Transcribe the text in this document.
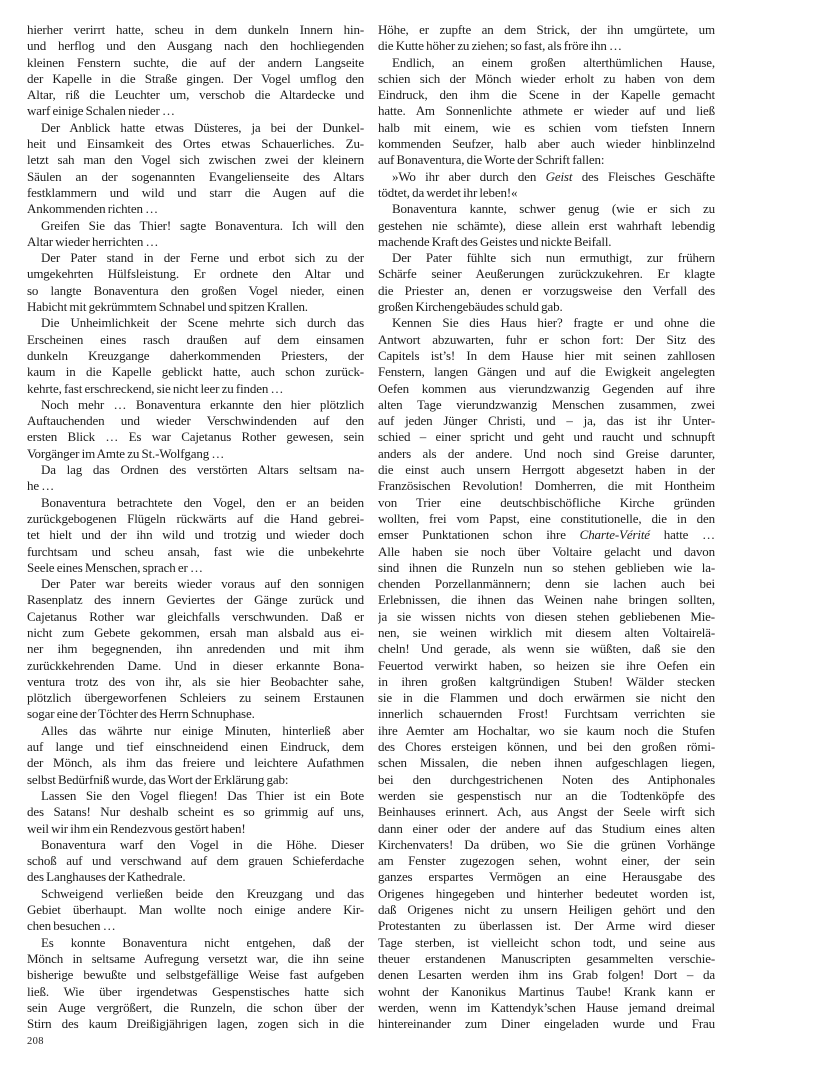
hierher verirrt hatte, scheu in dem dunkeln Innern hin-
und herflog und den Ausgang nach den hochliegenden
kleinen Fenstern suchte, die auf der andern Langseite
der Kapelle in die Straße gingen. Der Vogel umflog den
Altar, riß die Leuchter um, verschob die Altardecke und
warf einige Schalen nieder …
Der Anblick hatte etwas Düsteres, ja bei der Dunkel-
heit und Einsamkeit des Ortes etwas Schauerliches. Zu-
letzt sah man den Vogel sich zwischen zwei der kleinern
Säulen an der sogenannten Evangelienseite des Altars
festklammern und wild und starr die Augen auf die
Ankommenden richten …
Greifen Sie das Thier! sagte Bonaventura. Ich will den
Altar wieder herrichten …
Der Pater stand in der Ferne und erbot sich zu der
umgekehrten Hülfsleistung. Er ordnete den Altar und
so langte Bonaventura den großen Vogel nieder, einen
Habicht mit gekrümmtem Schnabel und spitzen Krallen.
Die Unheimlichkeit der Scene mehrte sich durch das
Erscheinen eines rasch draußen auf dem einsamen
dunkeln Kreuzgange daherkommenden Priesters, der
kaum in die Kapelle geblickt hatte, auch schon zurück-
kehrte, fast erschreckend, sie nicht leer zu finden …
Noch mehr … Bonaventura erkannte den hier plötzlich
Auftauchenden und wieder Verschwindenden auf den
ersten Blick … Es war Cajetanus Rother gewesen, sein
Vorgänger im Amte zu St.-Wolfgang …
Da lag das Ordnen des verstörten Altars seltsam na-
he …
Bonaventura betrachtete den Vogel, den er an beiden
zurückgebogenen Flügeln rückwärts auf die Hand gebrei-
tet hielt und der ihn wild und trotzig und wieder doch
furchtsam und scheu ansah, fast wie die unbekehrte
Seele eines Menschen, sprach er …
Der Pater war bereits wieder voraus auf den sonnigen
Rasenplatz des innern Geviertes der Gänge zurück und
Cajetanus Rother war gleichfalls verschwunden. Daß er
nicht zum Gebete gekommen, ersah man alsbald aus ei-
ner ihm begegnenden, ihn anredenden und mit ihm
zurückkehrenden Dame. Und in dieser erkannte Bona-
ventura trotz des von ihr, als sie hier Beobachter sahe,
plötzlich übergeworfenen Schleiers zu seinem Erstaunen
sogar eine der Töchter des Herrn Schnuphase.
Alles das währte nur einige Minuten, hinterließ aber
auf lange und tief einschneidend einen Eindruck, dem
der Mönch, als ihm das freiere und leichtere Aufathmen
selbst Bedürfniß wurde, das Wort der Erklärung gab:
Lassen Sie den Vogel fliegen! Das Thier ist ein Bote
des Satans! Nur deshalb scheint es so grimmig auf uns,
weil wir ihm ein Rendezvous gestört haben!
Bonaventura warf den Vogel in die Höhe. Dieser
schoß auf und verschwand auf dem grauen Schieferdache
des Langhauses der Kathedrale.
Schweigend verließen beide den Kreuzgang und das
Gebiet überhaupt. Man wollte noch einige andere Kir-
chen besuchen …
Es konnte Bonaventura nicht entgehen, daß der
Mönch in seltsame Aufregung versetzt war, die ihn seine
bisherige bewußte und selbstgefällige Weise fast aufgeben
ließ. Wie über irgendetwas Gespenstisches hatte sich
sein Auge vergrößert, die Runzeln, die schon über der
Stirn des kaum Dreißigjährigen lagen, zogen sich in die
Höhe, er zupfte an dem Strick, der ihn umgürtete, um
die Kutte höher zu ziehen; so fast, als fröre ihn …
Endlich, an einem großen alterthümlichen Hause,
schien sich der Mönch wieder erholt zu haben von dem
Eindruck, den ihm die Scene in der Kapelle gemacht
hatte. Am Sonnenlichte athmete er wieder auf und ließ
halb mit einem, wie es schien vom tiefsten Innern
kommenden Seufzer, halb aber auch wieder hinblinzelnd
auf Bonaventura, die Worte der Schrift fallen:
»Wo ihr aber durch den Geist des Fleisches Geschäfte
tödtet, da werdet ihr leben!«
Bonaventura kannte, schwer genug (wie er sich zu
gestehen nie schämte), diese allein erst wahrhaft lebendig
machende Kraft des Geistes und nickte Beifall.
Der Pater fühlte sich nun ermuthigt, zur frühern
Schärfe seiner Aeußerungen zurückzukehren. Er klagte
die Priester an, denen er vorzugsweise den Verfall des
großen Kirchengebäudes schuld gab.
Kennen Sie dies Haus hier? fragte er und ohne die
Antwort abzuwarten, fuhr er schon fort: Der Sitz des
Capitels ist’s! In dem Hause hier mit seinen zahllosen
Fenstern, langen Gängen und auf die Ewigkeit angelegten
Oefen kommen aus vierundzwanzig Gegenden auf ihre
alten Tage vierundzwanzig Menschen zusammen, zwei
auf jeden Jünger Christi, und – ja, das ist ihr Unter-
schied – einer spricht und geht und raucht und schnupft
anders als der andere. Und noch sind Greise darunter,
die einst auch unsern Herrgott abgesetzt haben in der
Französischen Revolution! Domherren, die mit Hontheim
von Trier eine deutschbischöfliche Kirche gründen
wollten, frei vom Papst, eine constitutionelle, die in den
emser Punktationen schon ihre Charte-Vérité hatte …
Alle haben sie noch über Voltaire gelacht und davon
sind ihnen die Runzeln nun so stehen geblieben wie la-
chenden Porzellanmännern; denn sie lachen auch bei
Erlebnissen, die ihnen das Weinen nahe bringen sollten,
ja sie wissen nichts von diesen stehen gebliebenen Mie-
nen, sie weinen wirklich mit diesem alten Voltairelä-
cheln! Und gerade, als wenn sie wüßten, daß sie den
Feuertod verwirkt haben, so heizen sie ihre Oefen ein
in ihren großen kaltgründigen Stuben! Wälder stecken
sie in die Flammen und doch erwärmen sie nicht den
innerlich schauernden Frost! Furchtsam verrichten sie
ihre Aemter am Hochaltar, wo sie kaum noch die Stufen
des Chores ersteigen können, und bei den großen römi-
schen Missalen, die neben ihnen aufgeschlagen liegen,
bei den durchgestrichenen Noten des Antiphonales
werden sie gespenstisch nur an die Todtenköpfe des
Beinhauses erinnert. Ach, aus Angst der Seele wirft sich
dann einer oder der andere auf das Studium eines alten
Kirchenvaters! Da drüben, wo Sie die grünen Vorhänge
am Fenster zugezogen sehen, wohnt einer, der sein
ganzes erspartes Vermögen an eine Herausgabe des
Origenes hingegeben und hinterher bedeutet worden ist,
daß Origenes nicht zu unsern Heiligen gehört und den
Protestanten zu überlassen ist. Der Arme wird dieser
Tage sterben, ist vielleicht schon todt, und seine aus
theuer erstandenen Manuscripten gesammelten verschie-
denen Lesarten werden ihm ins Grab folgen! Dort – da
wohnt der Kanonikus Martinus Taube! Krank kann er
werden, wenn im Kattendyk’schen Hause jemand dreimal
hintereinander zum Diner eingeladen wurde und Frau
208
